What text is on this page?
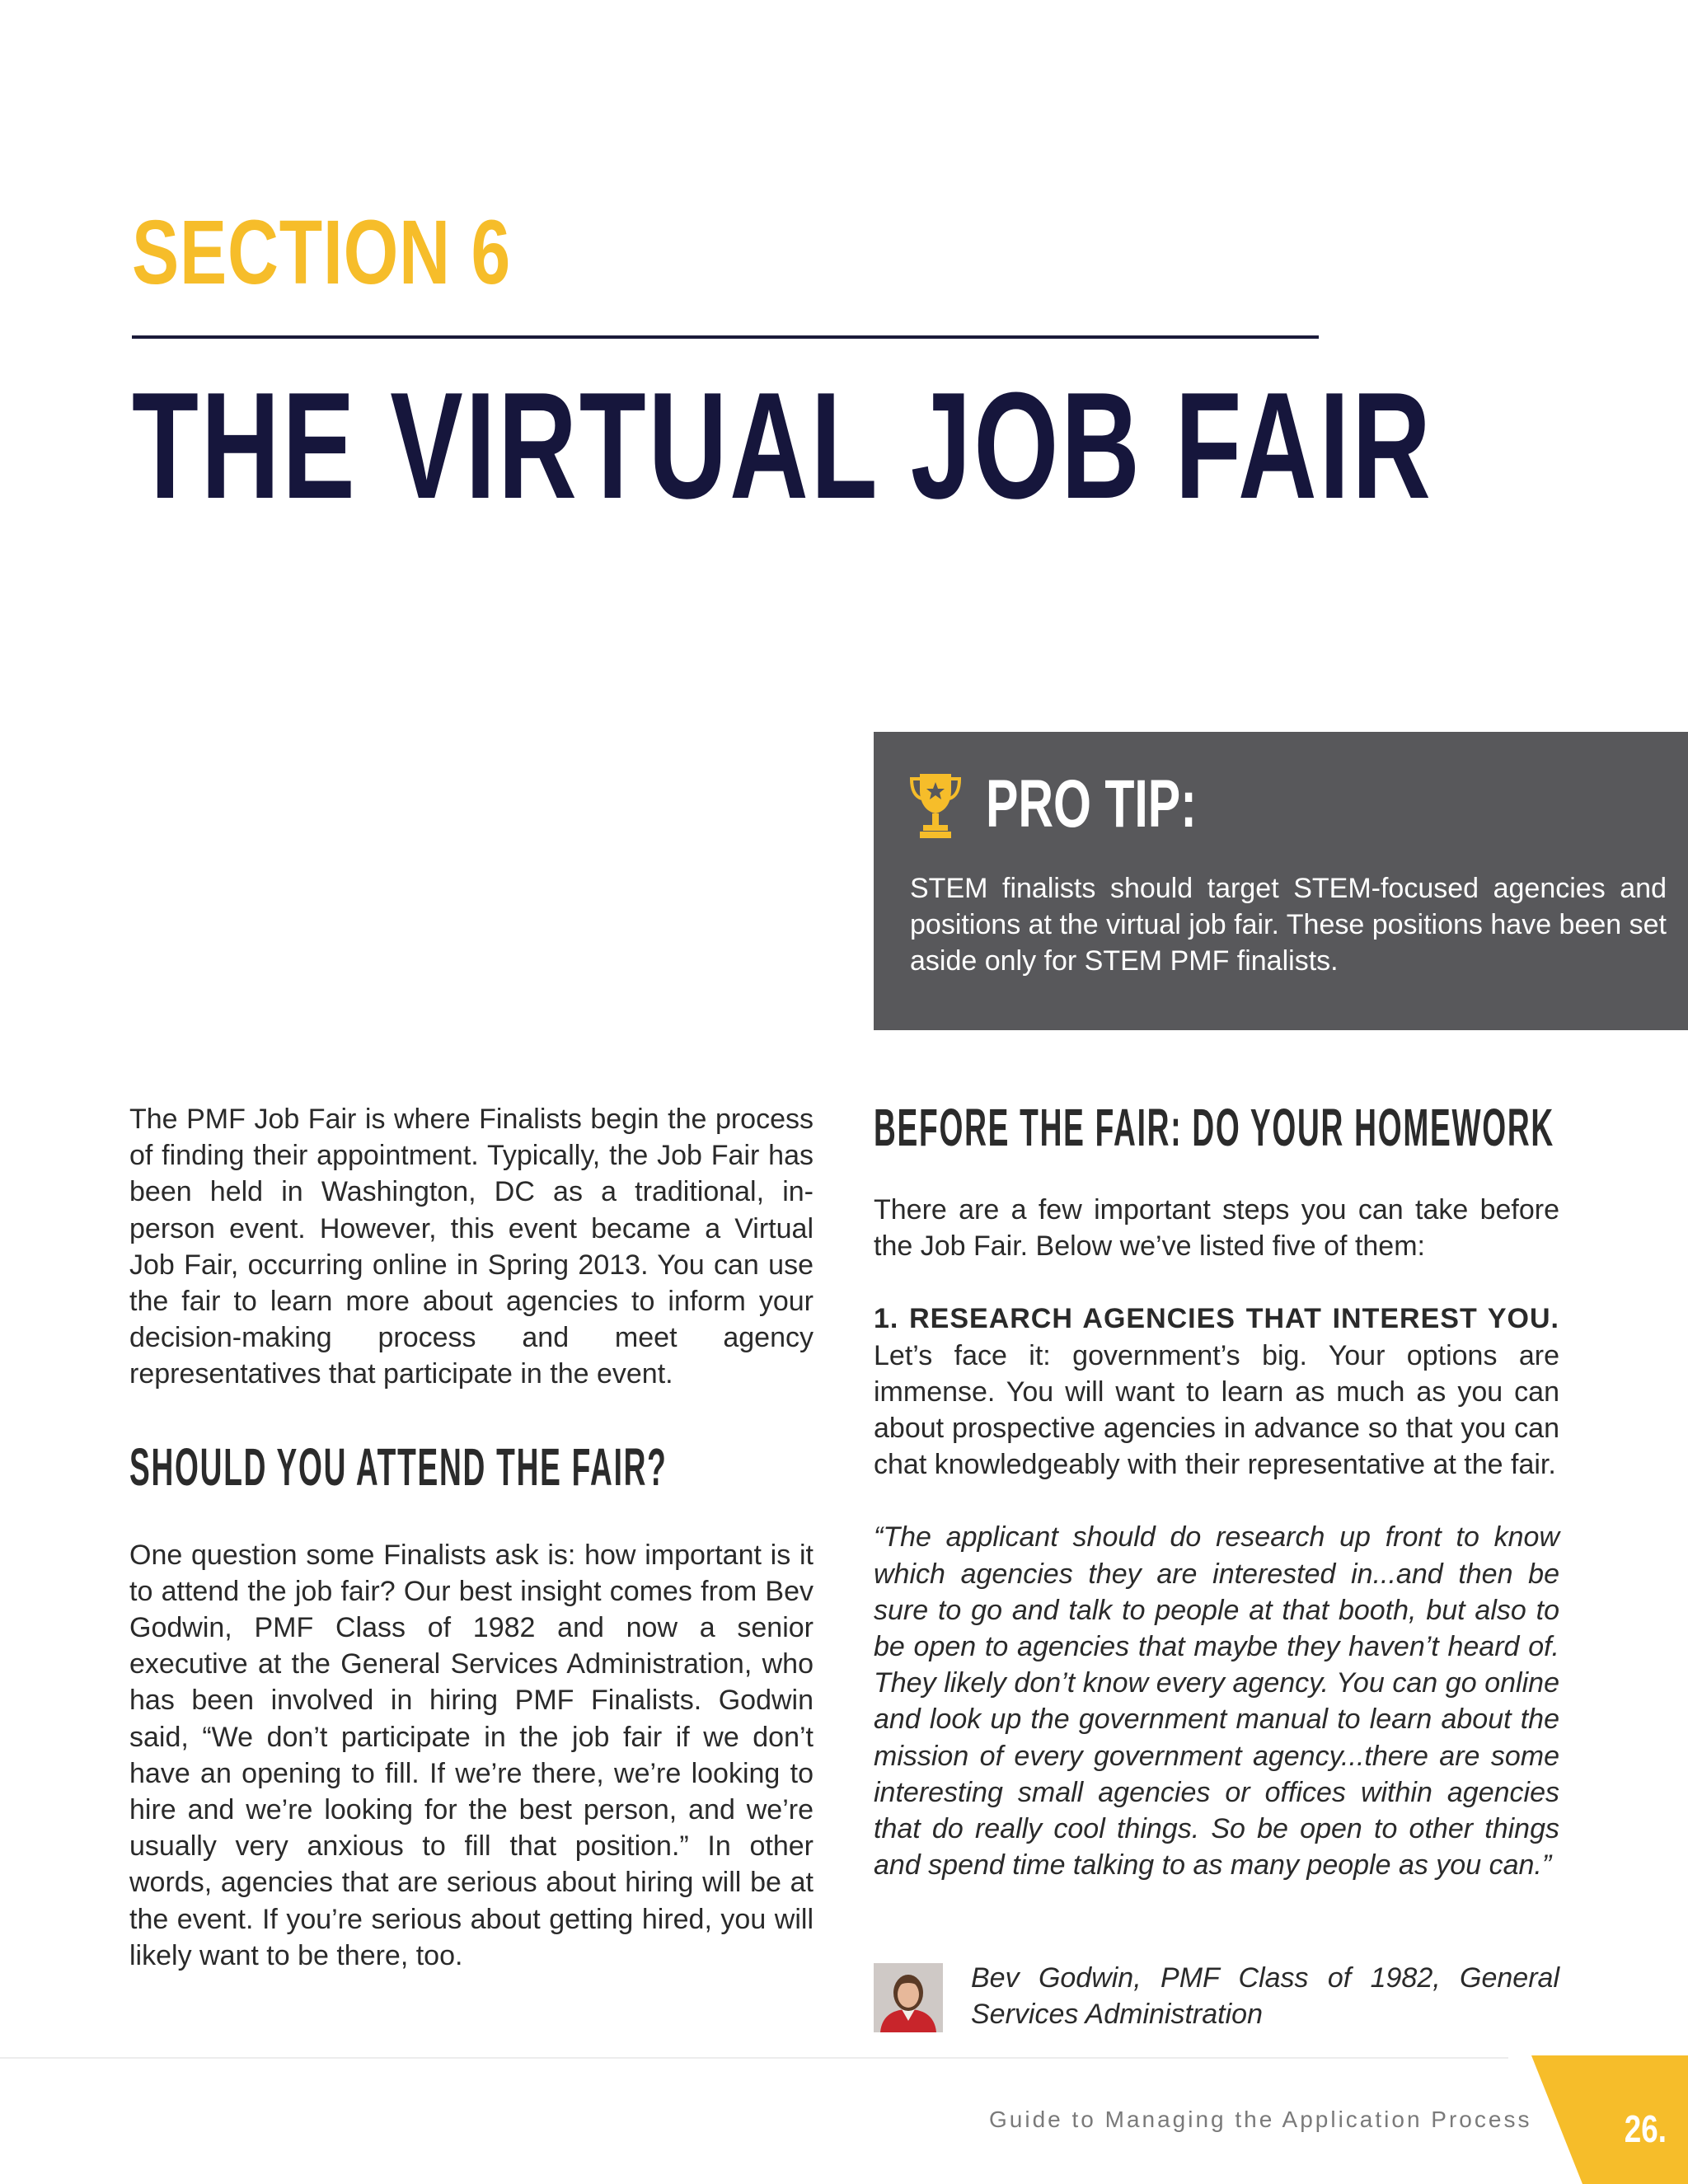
SECTION 6
THE VIRTUAL JOB FAIR
PRO TIP:

STEM finalists should target STEM-focused agencies and positions at the virtual job fair. These positions have been set aside only for STEM PMF finalists.

The PMF Job Fair is where Finalists begin the process of finding their appointment. Typically, the Job Fair has been held in Washington, DC as a traditional, in-person event. However, this event became a Virtual Job Fair, occurring online in Spring 2013. You can use the fair to learn more about agencies to inform your decision-making process and meet agency representatives that participate in the event.

SHOULD YOU ATTEND THE FAIR?

One question some Finalists ask is: how important is it to attend the job fair? Our best insight comes from Bev Godwin, PMF Class of 1982 and now a senior executive at the General Services Administration, who has been involved in hiring PMF Finalists. Godwin said, “We don’t participate in the job fair if we don’t have an opening to fill. If we’re there, we’re looking to hire and we’re looking for the best person, and we’re usually very anxious to fill that position.” In other words, agencies that are serious about hiring will be at the event. If you’re serious about getting hired, you will likely want to be there, too.

BEFORE THE FAIR: DO YOUR HOMEWORK

There are a few important steps you can take before the Job Fair. Below we’ve listed five of them:

1. RESEARCH AGENCIES THAT INTEREST YOU. Let’s face it: government’s big. Your options are immense. You will want to learn as much as you can about prospective agencies in advance so that you can chat knowledgeably with their representative at the fair.

“The applicant should do research up front to know which agencies they are interested in...and then be sure to go and talk to people at that booth, but also to be open to agencies that maybe they haven’t heard of. They likely don’t know every agency. You can go online and look up the government manual to learn about the mission of every government agency...there are some interesting small agencies or offices within agencies that do really cool things. So be open to other things and spend time talking to as many people as you can.”

Bev Godwin, PMF Class of 1982, General Services Administration

Guide to Managing the Application Process 26.
